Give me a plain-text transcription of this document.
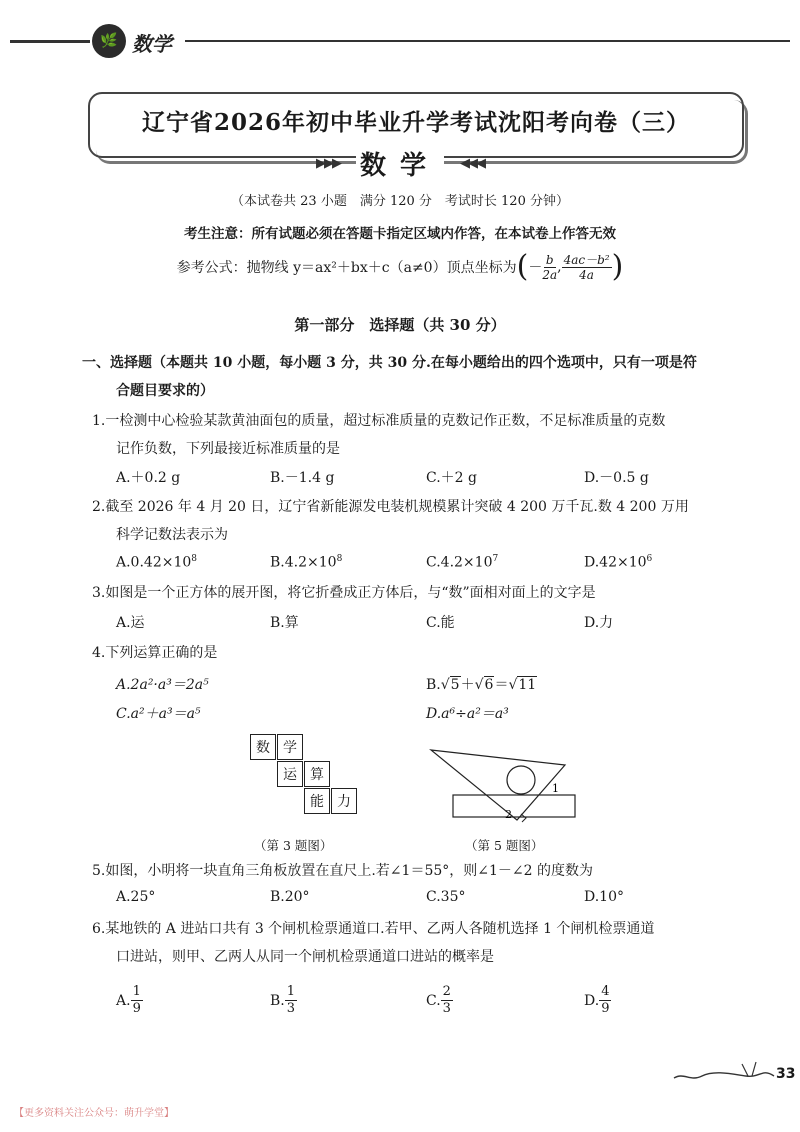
🌿 数学
辽宁省2026年初中毕业升学考试沈阳考向卷（三）
▶▶▶ 数学	◀◀◀
（本试卷共 23 小题　满分 120 分　考试时长 120 分钟）
考生注意：所有试题必须在答题卡指定区域内作答，在本试卷上作答无效
参考公式：抛物线 y＝ax²＋bx＋c（a≠0）顶点坐标为 ( － $\frac{b}{2a}$ , $\frac{\text{4ac－b²}}{4a}$ )
第一部分　选择题（共 30 分）
一、选择题（本题共 10 小题，每小题 3 分，共 30 分.在每小题给出的四个选项中，只有一项是符
合题目要求的）
1.一检测中心检验某款黄油面包的质量，超过标准质量的克数记作正数，不足标准质量的克数
记作负数，下列最接近标准质量的是
A.＋0.2 g	B.－1.4 g	C.＋2 g	D.－0.5 g
2.截至 2026 年 4 月 20 日，辽宁省新能源发电装机规模累计突破 4 200 万千瓦.数 4 200 万用
科学记数法表示为
$A.0.42\times 10^8$	$B.4.2\times 10^8$	$C.4.2\times 10^7$	$D.42\times 10^6$
3.如图是一个正方体的展开图，将它折叠成正方体后，与“数”面相对面上的文字是
A.运	B.算	C.能	D.力
4.下列运算正确的是
A.2a²·a³＝2a⁵	B.√5＋√6＝√11
C.a²＋a³＝a⁵	D.a⁶÷a²＝a³
数 学
运 算
能 力
（第 3 题图）
1
2
（第 5 题图）
5.如图，小明将一块直角三角板放置在直尺上.若∠1＝55°，则∠1－∠2 的度数为
A.25°	B.20°	C.35°	D.10°
6.某地铁的 A 进站口共有 3 个闸机检票通道口.若甲、乙两人各随机选择 1 个闸机检票通道
口进站，则甲、乙两人从同一个闸机检票通道口进站的概率是
A. $\frac{1}{9}$	B. $\frac{1}{3}$	C. $\frac{2}{3}$	D. $\frac{4}{9}$
33
【更多资料关注公众号：萌升学堂】
